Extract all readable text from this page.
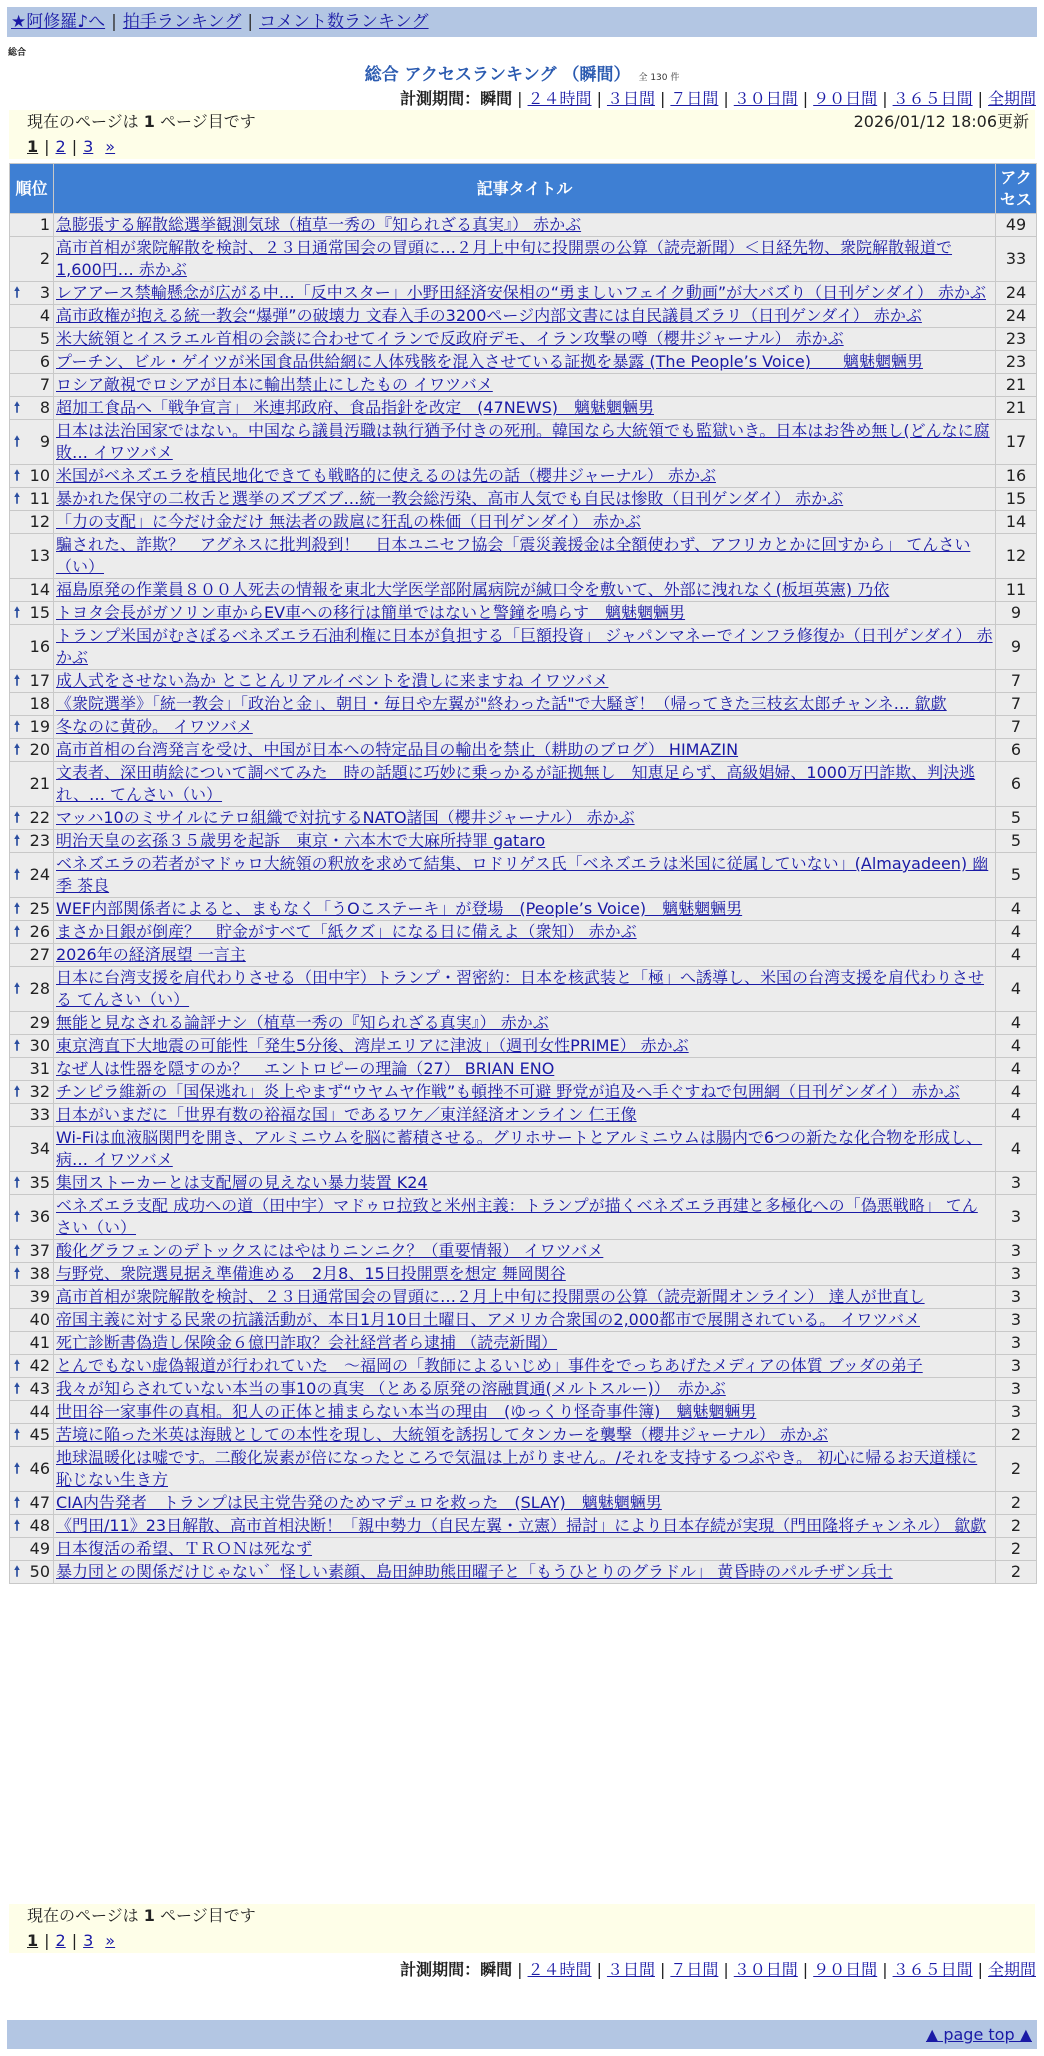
★阿修羅♪へ | 拍手ランキング | コメント数ランキング
総合
総合 アクセスランキング （瞬間） 全 130 件
計測期間：瞬間 | ２４時間 | ３日間 | ７日間 | ３０日間 | ９０日間 | ３６５日間 | 全期間
現在のページは 1 ページ目です	2026/01/12 18:06更新
1 | 2 | 3 »
順位	記事タイトル	アクセス
1	急膨張する解散総選挙観測気球（植草一秀の『知られざる真実』） 赤かぶ	49
2	高市首相が衆院解散を検討、２３日通常国会の冒頭に…２月上中旬に投開票の公算（読売新聞）＜日経先物、衆院解散報道で1,600円… 赤かぶ	33

🠕 3	レアアース禁輸懸念が広がる中…「反中スター」小野田経済安保相の“勇ましいフェイク動画”が大バズり（日刊ゲンダイ） 赤かぶ	24
4	高市政権が抱える統一教会“爆弾”の破壊力 文春入手の3200ページ内部文書には自民議員ズラリ（日刊ゲンダイ） 赤かぶ	24
5	米大統領とイスラエル首相の会談に合わせてイランで反政府デモ、イラン攻撃の噂（櫻井ジャーナル） 赤かぶ	23
6	プーチン、ビル・ゲイツが米国食品供給網に人体残骸を混入させている証拠を暴露 (The People’s Voice)　　魑魅魍魎男	23
7	ロシア敵視でロシアが日本に輸出禁止にしたもの イワツバメ	21

🠕 8	超加工食品へ「戦争宣言」 米連邦政府、食品指針を改定　(47NEWS)　魑魅魍魎男	21

🠕 9	日本は法治国家ではない。中国なら議員汚職は執行猶予付きの死刑。韓国なら大統領でも監獄いき。日本はお咎め無し(どんなに腐敗… イワツバメ	17

🠕 10	米国がベネズエラを植民地化できても戦略的に使えるのは先の話（櫻井ジャーナル） 赤かぶ	16

🠕 11	暴かれた保守の二枚舌と選挙のズブズブ…統一教会総汚染、高市人気でも自民は惨敗（日刊ゲンダイ） 赤かぶ	15
12	「力の支配」に今だけ金だけ 無法者の跋扈に狂乱の株価（日刊ゲンダイ） 赤かぶ	14
13	騙された、詐欺？　アグネスに批判殺到！　日本ユニセフ協会「震災義援金は全額使わず、アフリカとかに回すから」 てんさい（い）	12
14	福島原発の作業員８００人死去の情報を東北大学医学部附属病院が緘口令を敷いて、外部に洩れなく(板垣英憲) 乃依	11

🠕 15	トヨタ会長がガソリン車からEV車への移行は簡単ではないと警鐘を鳴らす　魑魅魍魎男	9
16	トランプ米国がむさぼるベネズエラ石油利権に日本が負担する「巨額投資」 ジャパンマネーでインフラ修復か（日刊ゲンダイ） 赤かぶ	9

🠕 17	成人式をさせない為か とことんリアルイベントを潰しに来ますね イワツバメ	7
18	《衆院選挙》「統一教会」「政治と金」、朝日・毎日や左翼が"終わった話"で大騒ぎ！（帰ってきた三枝玄太郎チャンネ… 歙歔	7

🠕 19	冬なのに黄砂。 イワツバメ	7

🠕 20	高市首相の台湾発言を受け、中国が日本への特定品目の輸出を禁止（耕助のブログ） HIMAZIN	6
21	文表者、深田萌絵について調べてみた　時の話題に巧妙に乗っかるが証拠無し　知恵足らず、高級娼婦、1000万円詐欺、判決逃れ、… てんさい（い）	6

🠕 22	マッハ10のミサイルにテロ組織で対抗するNATO諸国（櫻井ジャーナル） 赤かぶ	5

🠕 23	明治天皇の玄孫３５歳男を起訴　東京・六本木で大麻所持罪 gataro	5

🠕 24	ベネズエラの若者がマドゥロ大統領の釈放を求めて結集、ロドリゲス氏「ベネズエラは米国に従属していない」(Almayadeen) 幽季 茶良	5

🠕 25	WEF内部関係者によると、まもなく「うOこステーキ」が登場　(People’s Voice)　魑魅魍魎男	4

🠕 26	まさか日銀が倒産？　貯金がすべて「紙クズ」になる日に備えよ（衆知） 赤かぶ	4
27	2026年の経済展望 一言主	4

🠕 28	日本に台湾支援を肩代わりさせる（田中宇）トランプ・習密約：日本を核武装と「極」へ誘導し、米国の台湾支援を肩代わりさせる てんさい（い）	4
29	無能と見なされる論評ナシ（植草一秀の『知られざる真実』） 赤かぶ	4

🠕 30	東京湾直下大地震の可能性「発生5分後、湾岸エリアに津波」（週刊女性PRIME） 赤かぶ	4
31	なぜ人は性器を隠すのか？　エントロピーの理論（27） BRIAN ENO	4

🠕 32	チンピラ維新の「国保逃れ」炎上やまず“ウヤムヤ作戦”も頓挫不可避 野党が追及へ手ぐすねで包囲網（日刊ゲンダイ） 赤かぶ	4
33	日本がいまだに「世界有数の裕福な国」であるワケ／東洋経済オンライン 仁王像	4
34	Wi-Fiは血液脳関門を開き、アルミニウムを脳に蓄積させる。グリホサートとアルミニウムは腸内で6つの新たな化合物を形成し、病… イワツバメ	4

🠕 35	集団ストーカーとは支配層の見えない暴力装置 K24	3

🠕 36	ベネズエラ支配 成功への道（田中宇）マドゥロ拉致と米州主義：トランプが描くベネズエラ再建と多極化への「偽悪戦略」 てんさい（い）	3

🠕 37	酸化グラフェンのデトックスにはやはりニンニク？（重要情報） イワツバメ	3

🠕 38	与野党、衆院選見据え準備進める　2月8、15日投開票を想定 舞岡関谷	3
39	高市首相が衆院解散を検討、２３日通常国会の冒頭に…２月上中旬に投開票の公算（読売新聞オンライン） 達人が世直し	3
40	帝国主義に対する民衆の抗議活動が、本日1月10日土曜日、アメリカ合衆国の2,000都市で展開されている。 イワツバメ	3
41	死亡診断書偽造し保険金６億円詐取？会社経営者ら逮捕 （読売新聞）	3

🠕 42	とんでもない虚偽報道が行われていた　～福岡の「教師によるいじめ」事件をでっちあげたメディアの体質 ブッダの弟子	3

🠕 43	我々が知らされていない本当の事10の真実 （とある原発の溶融貫通(メルトスルー)）　赤かぶ	3
44	世田谷一家事件の真相。犯人の正体と捕まらない本当の理由　(ゆっくり怪奇事件簿)　魑魅魍魎男	3

🠕 45	苦境に陥った米英は海賊としての本性を現し、大統領を誘拐してタンカーを襲撃（櫻井ジャーナル） 赤かぶ	2

🠕 46	地球温暖化は嘘です。二酸化炭素が倍になったところで気温は上がりません。/それを支持するつぶやき。 初心に帰るお天道様に恥じない生き方	2

🠕 47	CIA内告発者　トランプは民主党告発のためマデュロを救った　(SLAY)　魑魅魍魎男	2

🠕 48	《門田/11》23日解散、高市首相決断！「親中勢力（自民左翼・立憲）掃討」により日本存続が実現（門田隆将チャンネル） 歙歔	2
49	日本復活の希望、ＴＲＯＮは死なず	2

🠕 50	暴力団との関係だけじゃない゛怪しい素顔、島田紳助熊田曜子と「もうひとりのグラドル」 黄昏時のパルチザン兵士	2
現在のページは 1 ページ目です
1 | 2 | 3 »
計測期間：瞬間 | ２４時間 | ３日間 | ７日間 | ３０日間 | ９０日間 | ３６５日間 | 全期間
▲ page top ▲
